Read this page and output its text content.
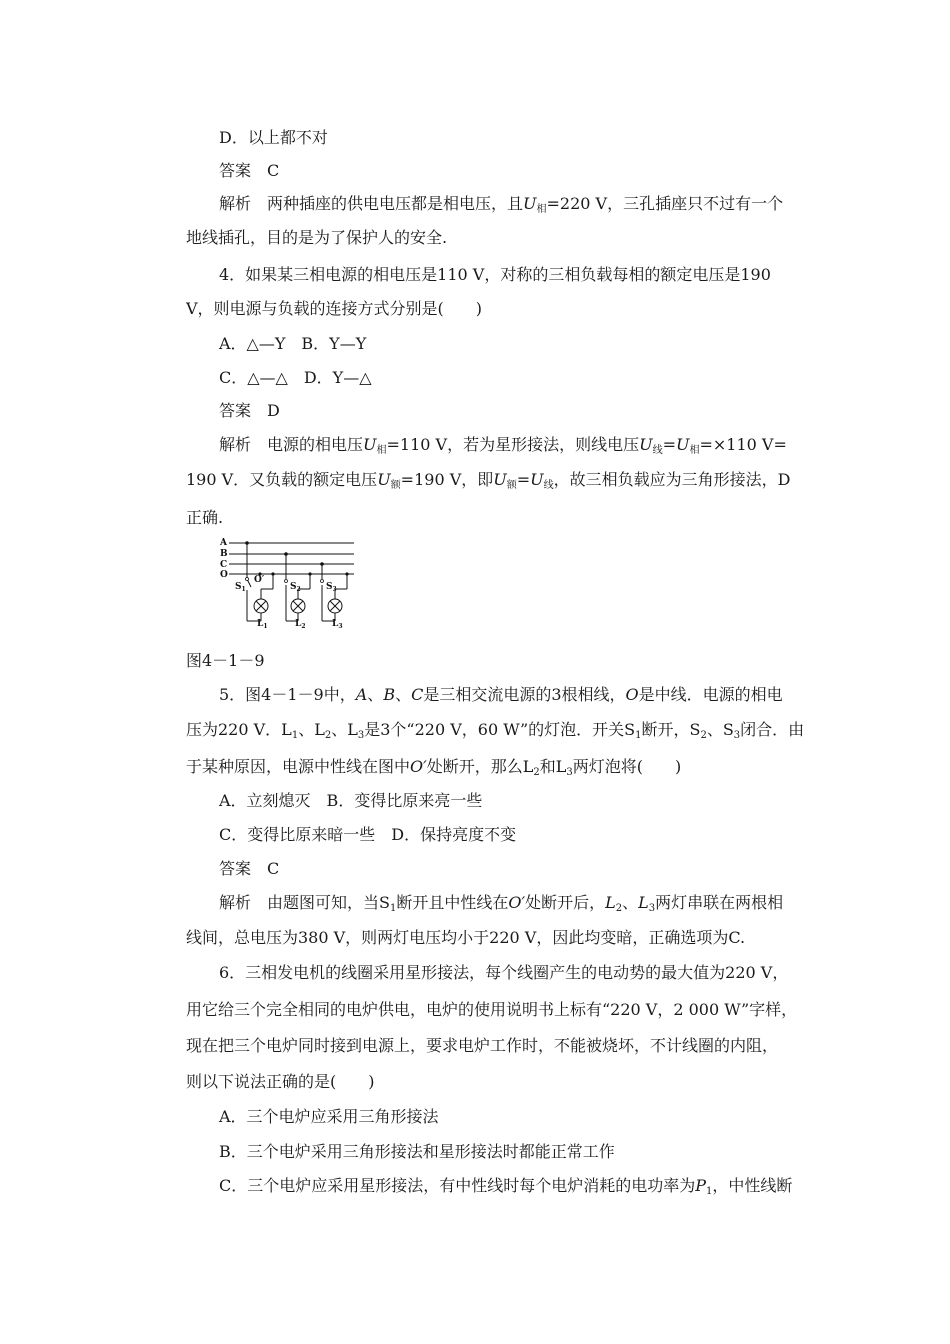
D．以上都不对
答案　C
解析　两种插座的供电电压都是相电压，且$U_相=220$ V，三孔插座只不过有一个
地线插孔，目的是为了保护人的安全.
4．如果某三相电源的相电压是110 V，对称的三相负载每相的额定电压是190
V，则电源与负载的连接方式分别是(　　)
A．△—Y　B．Y—Y
C．△—△　D．Y—△
答案　D
解析　电源的相电压$U_相=110$ V，若为星形接法，则线电压$U_线=U_相=\times 110$ V=
190 V．又负载的额定电压$U_额=190$ V，即$U_额=U_线$，故三相负载应为三角形接法，D
正确.
A
B
C
O	O′
$S_1$	$S_2$	$S_3$
$L_1$	$L_2$	$L_3$
图4－1－9
5．图4－1－9中，A、B、C是三相交流电源的3根相线，O是中线．电源的相电
压为220 V．$L_1$、$L_2$、$L_3$是3个“220 V，60 W”的灯泡．开关$S_1$断开，$S_2$、$S_3$闭合．由
于某种原因，电源中性线在图中O′处断开，那么$L_2$和$L_3$两灯泡将(　　)
A．立刻熄灭　B．变得比原来亮一些
C．变得比原来暗一些　D．保持亮度不变
答案　C
解析　由题图可知，当$S_1$断开且中性线在O′处断开后，$L_2$、$L_3$两灯串联在两根相
线间，总电压为380 V，则两灯电压均小于220 V，因此均变暗，正确选项为C.
6．三相发电机的线圈采用星形接法，每个线圈产生的电动势的最大值为220 V，
用它给三个完全相同的电炉供电，电炉的使用说明书上标有“220 V，2 000 W”字样，
现在把三个电炉同时接到电源上，要求电炉工作时，不能被烧坏，不计线圈的内阻，
则以下说法正确的是(　　)
A．三个电炉应采用三角形接法
B．三个电炉采用三角形接法和星形接法时都能正常工作
C．三个电炉应采用星形接法，有中性线时每个电炉消耗的电功率为$P_1$，中性线断
